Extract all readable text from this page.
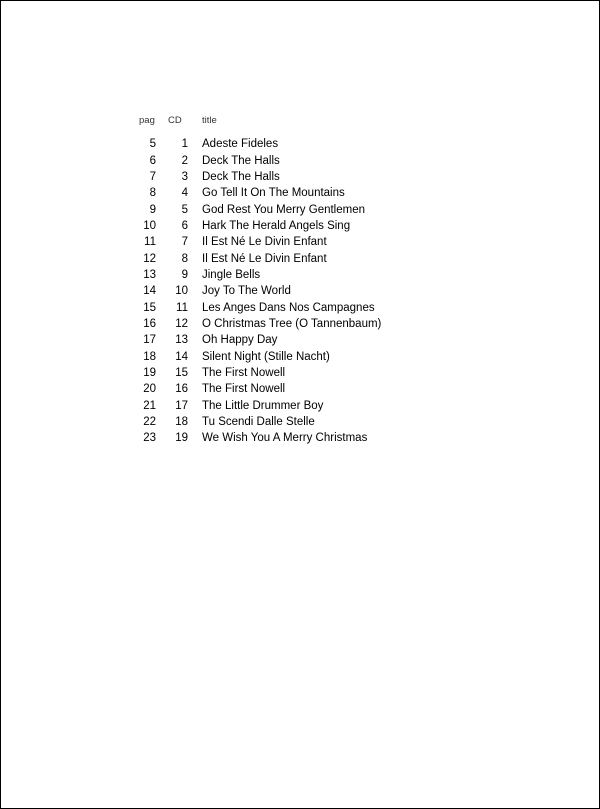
pag	CD	title
5	1	Adeste Fideles
6	2	Deck The Halls
7	3	Deck The Halls
8	4	Go Tell It On The Mountains
9	5	God Rest You Merry Gentlemen
10	6	Hark The Herald Angels Sing
11	7	Il Est Né Le Divin Enfant
12	8	Il Est Né Le Divin Enfant
13	9	Jingle Bells
14	10	Joy To The World
15	11	Les Anges Dans Nos Campagnes
16	12	O Christmas Tree (O Tannenbaum)
17	13	Oh Happy Day
18	14	Silent Night (Stille Nacht)
19	15	The First Nowell
20	16	The First Nowell
21	17	The Little Drummer Boy
22	18	Tu Scendi Dalle Stelle
23	19	We Wish You A Merry Christmas
